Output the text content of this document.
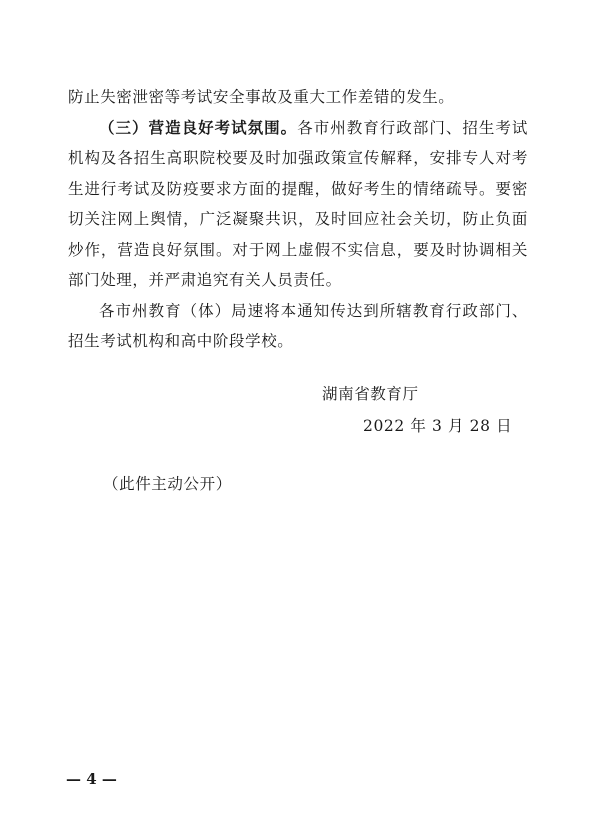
防止失密泄密等考试安全事故及重大工作差错的发生。

（三）营造良好考试氛围。各市州教育行政部门、招生考试机构及各招生高职院校要及时加强政策宣传解释，安排专人对考生进行考试及防疫要求方面的提醒，做好考生的情绪疏导。要密切关注网上舆情，广泛凝聚共识，及时回应社会关切，防止负面炒作，营造良好氛围。对于网上虚假不实信息，要及时协调相关部门处理，并严肃追究有关人员责任。

各市州教育（体）局速将本通知传达到所辖教育行政部门、招生考试机构和高中阶段学校。

湖南省教育厅
2022 年 3 月 28 日
（此件主动公开）
— 4 —
